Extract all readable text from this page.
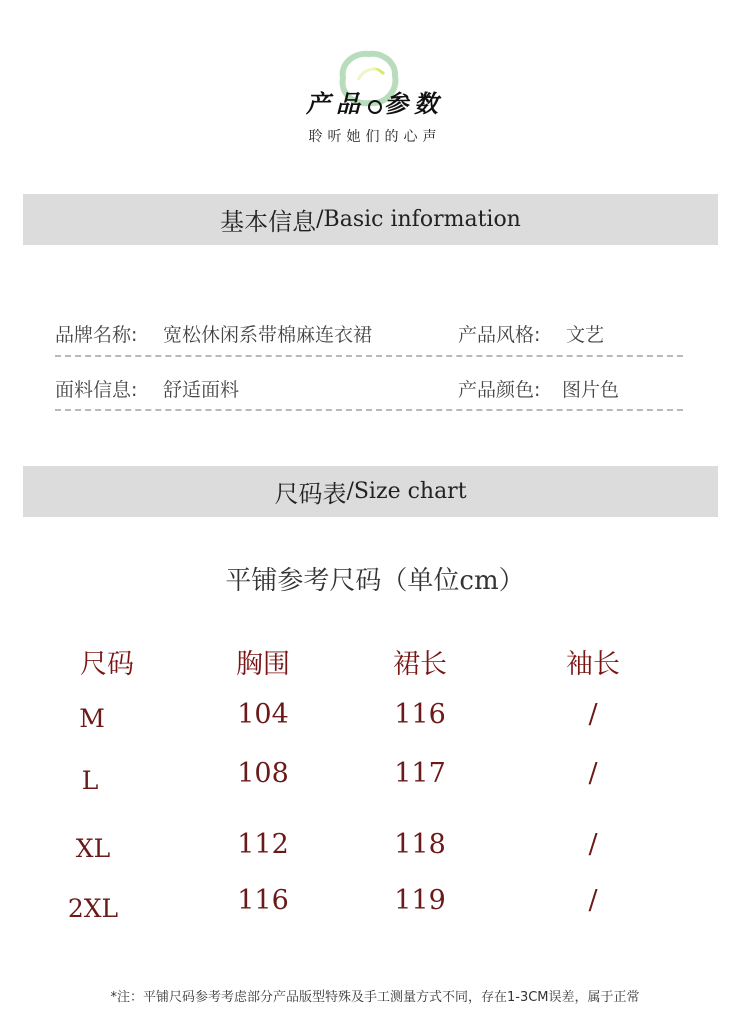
产品 参数
聆听她们的心声
基本信息 /Basic information
品牌名称: 宽松休闲系带棉麻连衣裙	产品风格: 文艺
面料信息: 舒适面料	产品颜色: 图片色
尺码表 /Size chart
平铺参考尺码（单位cm）
尺码	胸围	裙长	袖长
M	104	116	/
L	108	117	/
XL	112	118	/
2XL	116	119	/
*注：平铺尺码参考考虑部分产品版型特殊及手工测量方式不同，存在1-3CM误差，属于正常
